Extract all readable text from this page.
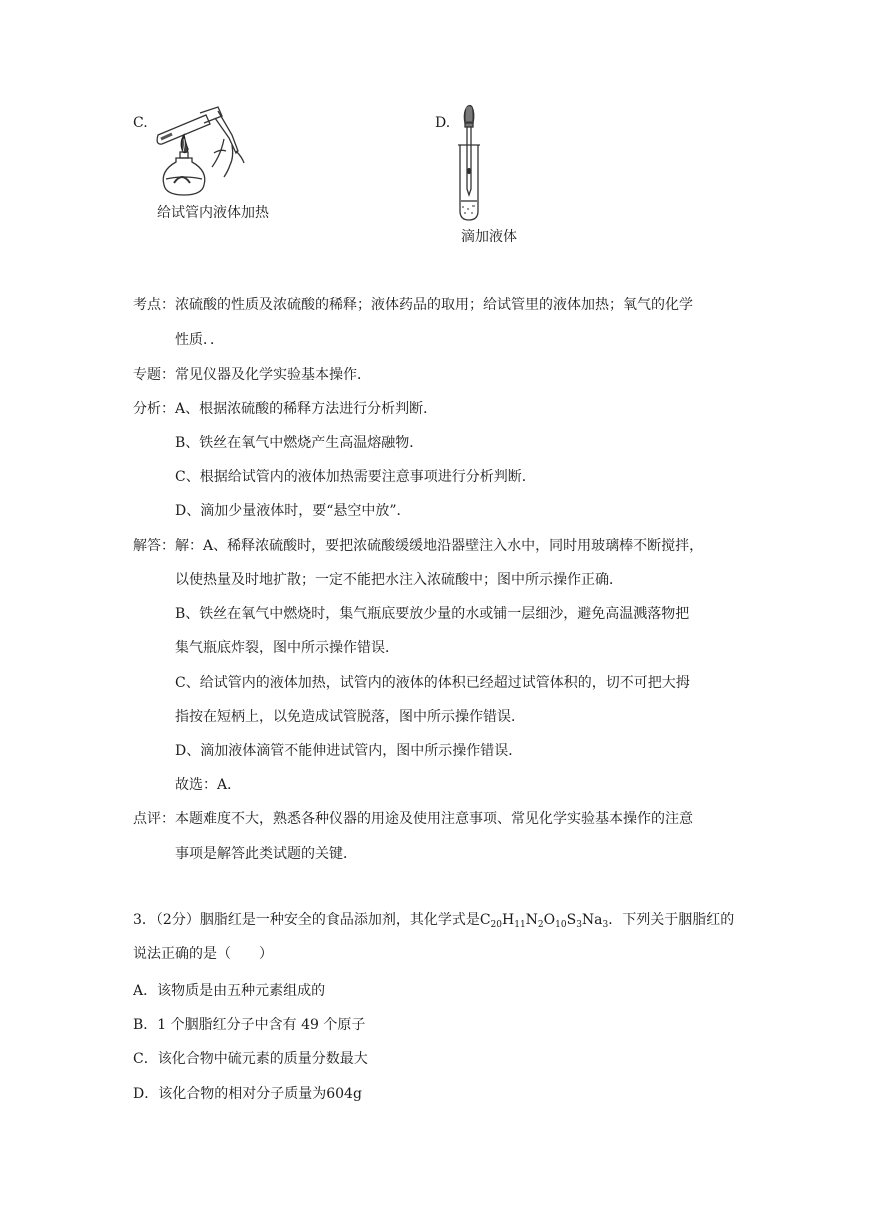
C.
给试管内液体加热
D.
滴加液体
考点： 浓硫酸的性质及浓硫酸的稀释；液体药品的取用；给试管里的液体加热；氧气的化学
性质．．
专题： 常见仪器及化学实验基本操作．
分析： A、根据浓硫酸的稀释方法进行分析判断．
B、铁丝在氧气中燃烧产生高温熔融物．
C、根据给试管内的液体加热需要注意事项进行分析判断．
D、滴加少量液体时，要“悬空中放”．
解答： 解：A、稀释浓硫酸时，要把浓硫酸缓缓地沿器壁注入水中，同时用玻璃棒不断搅拌，
以使热量及时地扩散；一定不能把水注入浓硫酸中；图中所示操作正确．
B、铁丝在氧气中燃烧时，集气瓶底要放少量的水或铺一层细沙，避免高温溅落物把
集气瓶底炸裂，图中所示操作错误．
C、给试管内的液体加热，试管内的液体的体积已经超过试管体积的，切不可把大拇
指按在短柄上，以免造成试管脱落，图中所示操作错误．
D、滴加液体滴管不能伸进试管内，图中所示操作错误．
故选：A．
点评： 本题难度不大，熟悉各种仪器的用途及使用注意事项、常见化学实验基本操作的注意
事项是解答此类试题的关键．
3．（2分）胭脂红是一种安全的食品添加剂，其化学式是$C_{20}H_{11}N_2O_{10}S_3Na_3$．下列关于胭脂红的
说法正确的是（　　）
A．该物质是由五种元素组成的
B．1 个胭脂红分子中含有 49 个原子
C．该化合物中硫元素的质量分数最大
D．该化合物的相对分子质量为604g
